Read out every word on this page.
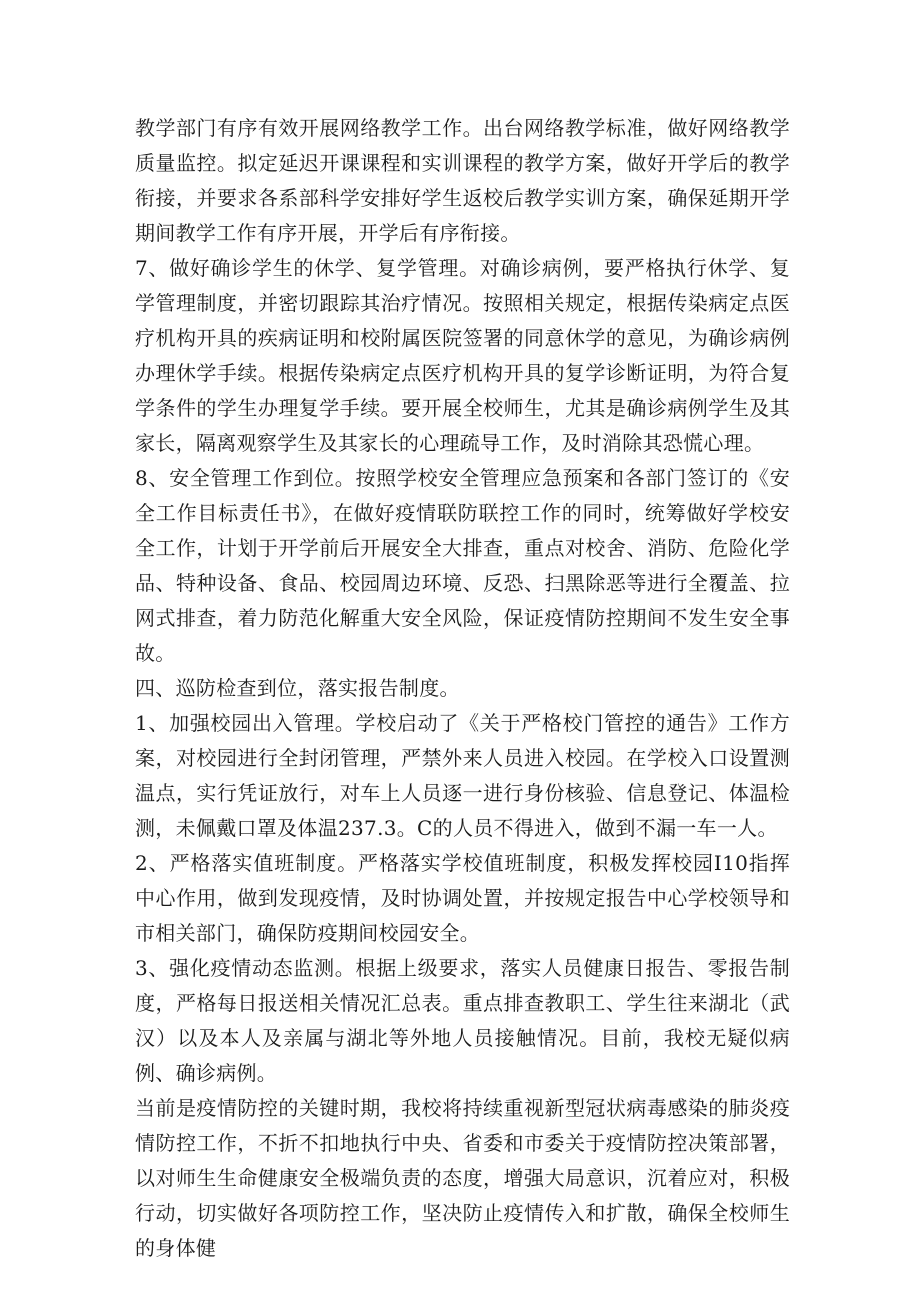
教学部门有序有效开展网络教学工作。出台网络教学标准，做好网络教学质量监控。拟定延迟开课课程和实训课程的教学方案，做好开学后的教学衔接，并要求各系部科学安排好学生返校后教学实训方案，确保延期开学期间教学工作有序开展，开学后有序衔接。

7、做好确诊学生的休学、复学管理。对确诊病例，要严格执行休学、复学管理制度，并密切跟踪其治疗情况。按照相关规定，根据传染病定点医疗机构开具的疾病证明和校附属医院签署的同意休学的意见，为确诊病例办理休学手续。根据传染病定点医疗机构开具的复学诊断证明，为符合复学条件的学生办理复学手续。要开展全校师生，尤其是确诊病例学生及其家长，隔离观察学生及其家长的心理疏导工作，及时消除其恐慌心理。

8、安全管理工作到位。按照学校安全管理应急预案和各部门签订的《安全工作目标责任书》，在做好疫情联防联控工作的同时，统筹做好学校安全工作，计划于开学前后开展安全大排查，重点对校舍、消防、危险化学品、特种设备、食品、校园周边环境、反恐、扫黑除恶等进行全覆盖、拉网式排查，着力防范化解重大安全风险，保证疫情防控期间不发生安全事故。

四、巡防检查到位，落实报告制度。

1、加强校园出入管理。学校启动了《关于严格校门管控的通告》工作方案，对校园进行全封闭管理，严禁外来人员进入校园。在学校入口设置测温点，实行凭证放行，对车上人员逐一进行身份核验、信息登记、体温检测，未佩戴口罩及体温237.3。C的人员不得进入，做到不漏一车一人。

2、严格落实值班制度。严格落实学校值班制度，积极发挥校园I10指挥中心作用，做到发现疫情，及时协调处置，并按规定报告中心学校领导和市相关部门，确保防疫期间校园安全。

3、强化疫情动态监测。根据上级要求，落实人员健康日报告、零报告制度，严格每日报送相关情况汇总表。重点排查教职工、学生往来湖北（武汉）以及本人及亲属与湖北等外地人员接触情况。目前，我校无疑似病例、确诊病例。

当前是疫情防控的关键时期，我校将持续重视新型冠状病毒感染的肺炎疫情防控工作，不折不扣地执行中央、省委和市委关于疫情防控决策部署，以对师生生命健康安全极端负责的态度，增强大局意识，沉着应对，积极行动，切实做好各项防控工作，坚决防止疫情传入和扩散，确保全校师生的身体健
